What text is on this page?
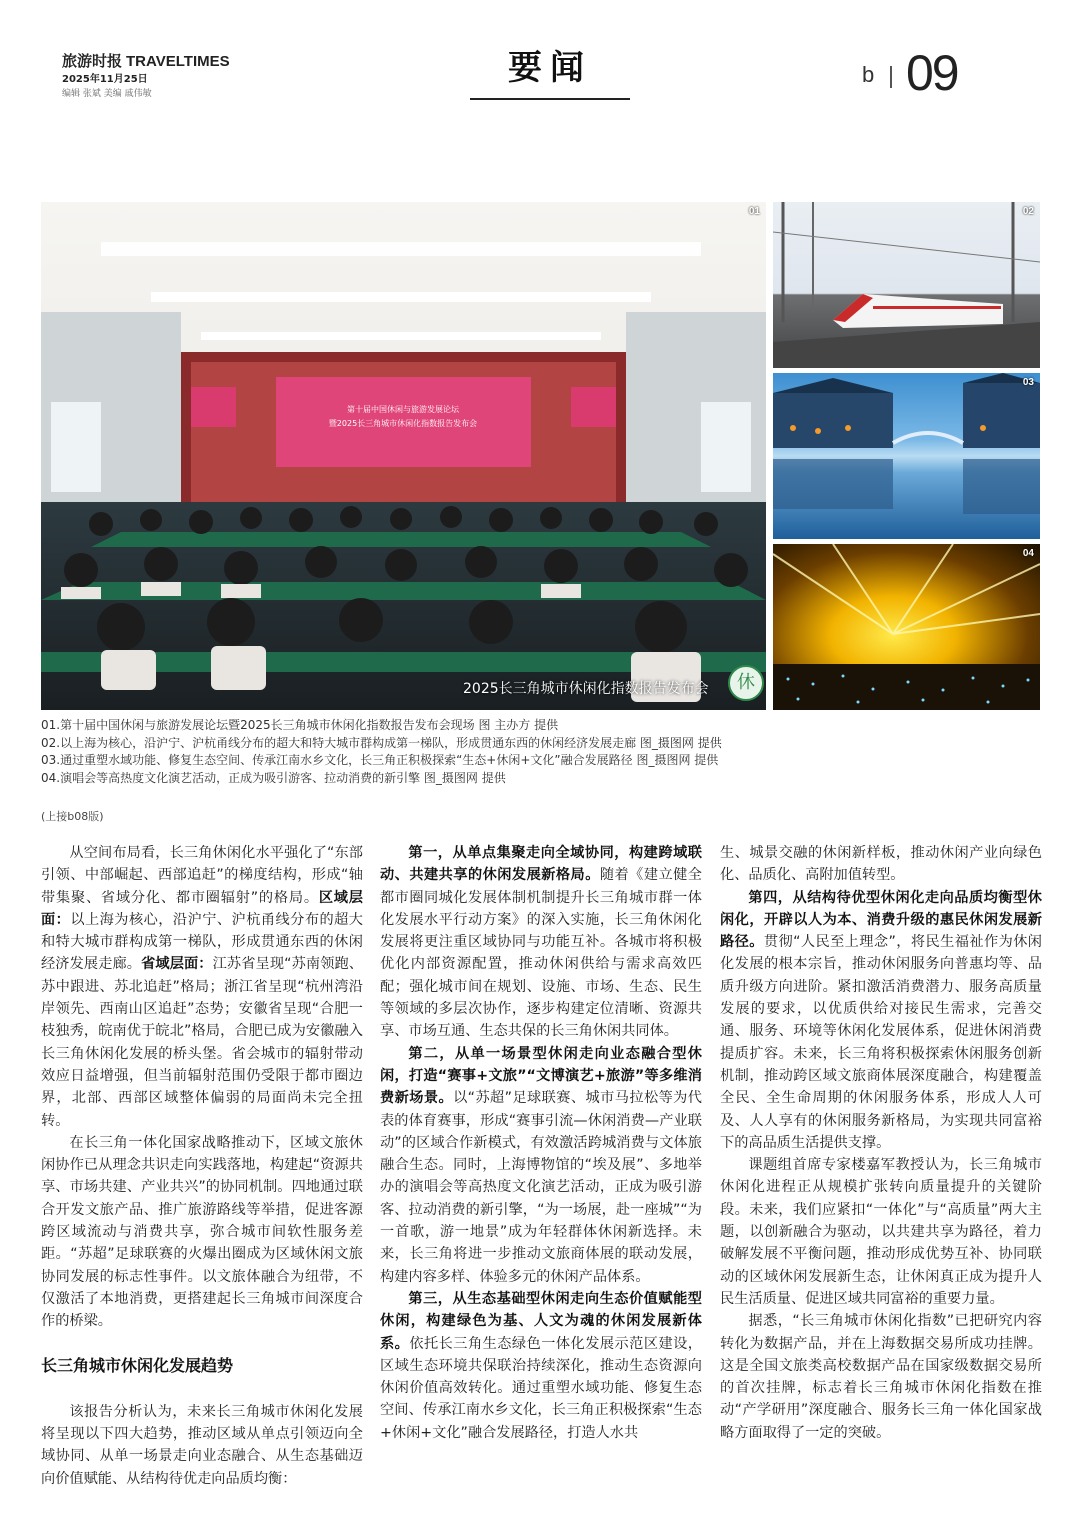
旅游时报 TRAVELTIMES
2025年11月25日
编辑 张斌 美编 戚伟敏
要闻	b 09
第十届中国休闲与旅游发展论坛
暨2025长三角城市休闲化指数报告发布会
01
2025长三角城市休闲化指数报告发布会	休
02
03
04

01.第十届中国休闲与旅游发展论坛暨2025长三角城市休闲化指数报告发布会现场 图 主办方 提供

02.以上海为核心，沿沪宁、沪杭甬线分布的超大和特大城市群构成第一梯队，形成贯通东西的休闲经济发展走廊 图_摄图网 提供

03.通过重塑水域功能、修复生态空间、传承江南水乡文化，长三角正积极探索“生态+休闲+文化”融合发展路径 图_摄图网 提供

04.演唱会等高热度文化演艺活动，正成为吸引游客、拉动消费的新引擎 图_摄图网 提供

(上接b08版)

从空间布局看，长三角休闲化水平强化了“东部引领、中部崛起、西部追赶”的梯度结构，形成“轴带集聚、省域分化、都市圈辐射”的格局。区域层面：以上海为核心，沿沪宁、沪杭甬线分布的超大和特大城市群构成第一梯队，形成贯通东西的休闲经济发展走廊。省域层面：江苏省呈现“苏南领跑、苏中跟进、苏北追赶”格局；浙江省呈现“杭州湾沿岸领先、西南山区追赶”态势；安徽省呈现“合肥一枝独秀，皖南优于皖北”格局，合肥已成为安徽融入长三角休闲化发展的桥头堡。省会城市的辐射带动效应日益增强，但当前辐射范围仍受限于都市圈边界，北部、西部区域整体偏弱的局面尚未完全扭转。

在长三角一体化国家战略推动下，区域文旅休闲协作已从理念共识走向实践落地，构建起“资源共享、市场共建、产业共兴”的协同机制。四地通过联合开发文旅产品、推广旅游路线等举措，促进客源跨区域流动与消费共享，弥合城市间软性服务差距。“苏超”足球联赛的火爆出圈成为区域休闲文旅协同发展的标志性事件。以文旅体融合为纽带，不仅激活了本地消费，更搭建起长三角城市间深度合作的桥梁。

长三角城市休闲化发展趋势

该报告分析认为，未来长三角城市休闲化发展将呈现以下四大趋势，推动区域从单点引领迈向全域协同、从单一场景走向业态融合、从生态基础迈向价值赋能、从结构待优走向品质均衡：

第一，从单点集聚走向全域协同，构建跨域联动、共建共享的休闲发展新格局。随着《建立健全都市圈同城化发展体制机制提升长三角城市群一体化发展水平行动方案》的深入实施，长三角休闲化发展将更注重区域协同与功能互补。各城市将积极优化内部资源配置，推动休闲供给与需求高效匹配；强化城市间在规划、设施、市场、生态、民生等领域的多层次协作，逐步构建定位清晰、资源共享、市场互通、生态共保的长三角休闲共同体。

第二，从单一场景型休闲走向业态融合型休闲，打造“赛事+文旅”“文博演艺+旅游”等多维消费新场景。以“苏超”足球联赛、城市马拉松等为代表的体育赛事，形成“赛事引流—休闲消费—产业联动”的区域合作新模式，有效激活跨城消费与文体旅融合生态。同时，上海博物馆的“埃及展”、多地举办的演唱会等高热度文化演艺活动，正成为吸引游客、拉动消费的新引擎，“为一场展，赴一座城”“为一首歌，游一地景”成为年轻群体休闲新选择。未来，长三角将进一步推动文旅商体展的联动发展，构建内容多样、体验多元的休闲产品体系。

第三，从生态基础型休闲走向生态价值赋能型休闲，构建绿色为基、人文为魂的休闲发展新体系。依托长三角生态绿色一体化发展示范区建设，区域生态环境共保联治持续深化，推动生态资源向休闲价值高效转化。通过重塑水域功能、修复生态空间、传承江南水乡文化，长三角正积极探索“生态+休闲+文化”融合发展路径，打造人水共

生、城景交融的休闲新样板，推动休闲产业向绿色化、品质化、高附加值转型。

第四，从结构待优型休闲化走向品质均衡型休闲化，开辟以人为本、消费升级的惠民休闲发展新路径。贯彻“人民至上理念”，将民生福祉作为休闲化发展的根本宗旨，推动休闲服务向普惠均等、品质升级方向进阶。紧扣激活消费潜力、服务高质量发展的要求，以优质供给对接民生需求，完善交通、服务、环境等休闲化发展体系，促进休闲消费提质扩容。未来，长三角将积极探索休闲服务创新机制，推动跨区域文旅商体展深度融合，构建覆盖全民、全生命周期的休闲服务体系，形成人人可及、人人享有的休闲服务新格局，为实现共同富裕下的高品质生活提供支撑。

课题组首席专家楼嘉军教授认为，长三角城市休闲化进程正从规模扩张转向质量提升的关键阶段。未来，我们应紧扣“一体化”与“高质量”两大主题，以创新融合为驱动，以共建共享为路径，着力破解发展不平衡问题，推动形成优势互补、协同联动的区域休闲发展新生态，让休闲真正成为提升人民生活质量、促进区域共同富裕的重要力量。

据悉，“长三角城市休闲化指数”已把研究内容转化为数据产品，并在上海数据交易所成功挂牌。这是全国文旅类高校数据产品在国家级数据交易所的首次挂牌，标志着长三角城市休闲化指数在推动“产学研用”深度融合、服务长三角一体化国家战略方面取得了一定的突破。
